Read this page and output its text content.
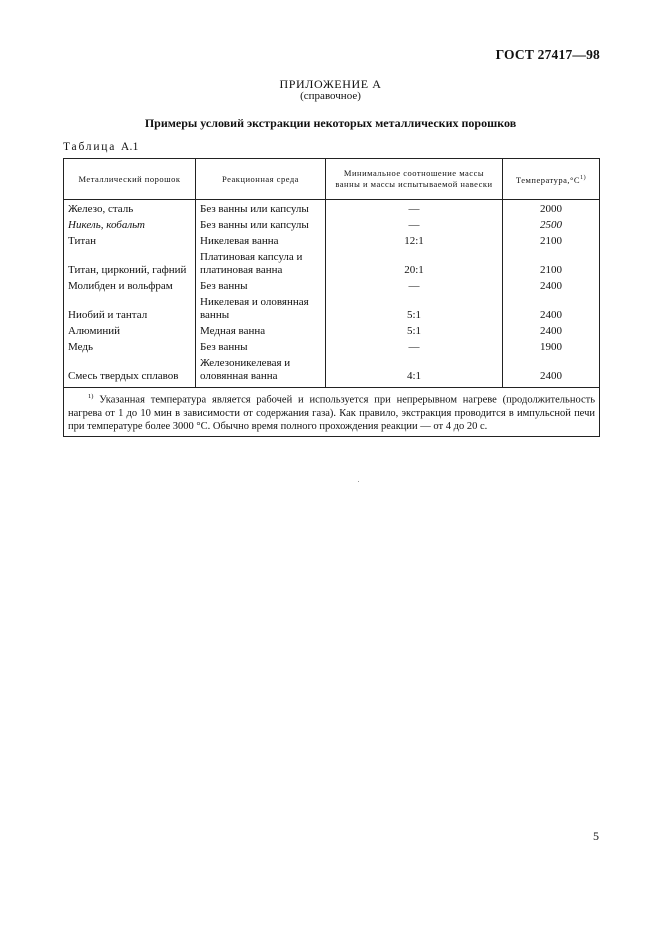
ГОСТ 27417—98
ПРИЛОЖЕНИЕ А
(справочное)
Примеры условий экстракции некоторых металлических порошков
Таблица А.1
Металлический порошок	Реакционная среда	Минимальное соотношение массы ванны и массы испытываемой навески	$Температура,^\circ С^{1)}$
Железо, сталь	Без ванны или капсулы	—	2000
Никель, кобальт	Без ванны или капсулы	—	2500
Титан	Никелевая ванна	12:1	2100
Титан, цирконий, гафний	Платиновая капсула и платиновая ванна	20:1	2100
Молибден и вольфрам	Без ванны	—	2400
Ниобий и тантал	Никелевая и оловянная ванны	5:1	2400
Алюминий	Медная ванна	5:1	2400
Медь	Без ванны	—	1900
Смесь твердых сплавов	Железоникелевая и оловянная ванна	4:1	2400
$^{1)}$ Указанная температура является рабочей и используется при непрерывном нагреве (продолжительность нагрева от 1 до 10 мин в зависимости от содержания газа). Как правило, экстракция проводится в импульсной печи при температуре более 3000 °С. Обычно время полного прохождения реакции — от 4 до 20 с.			
5
